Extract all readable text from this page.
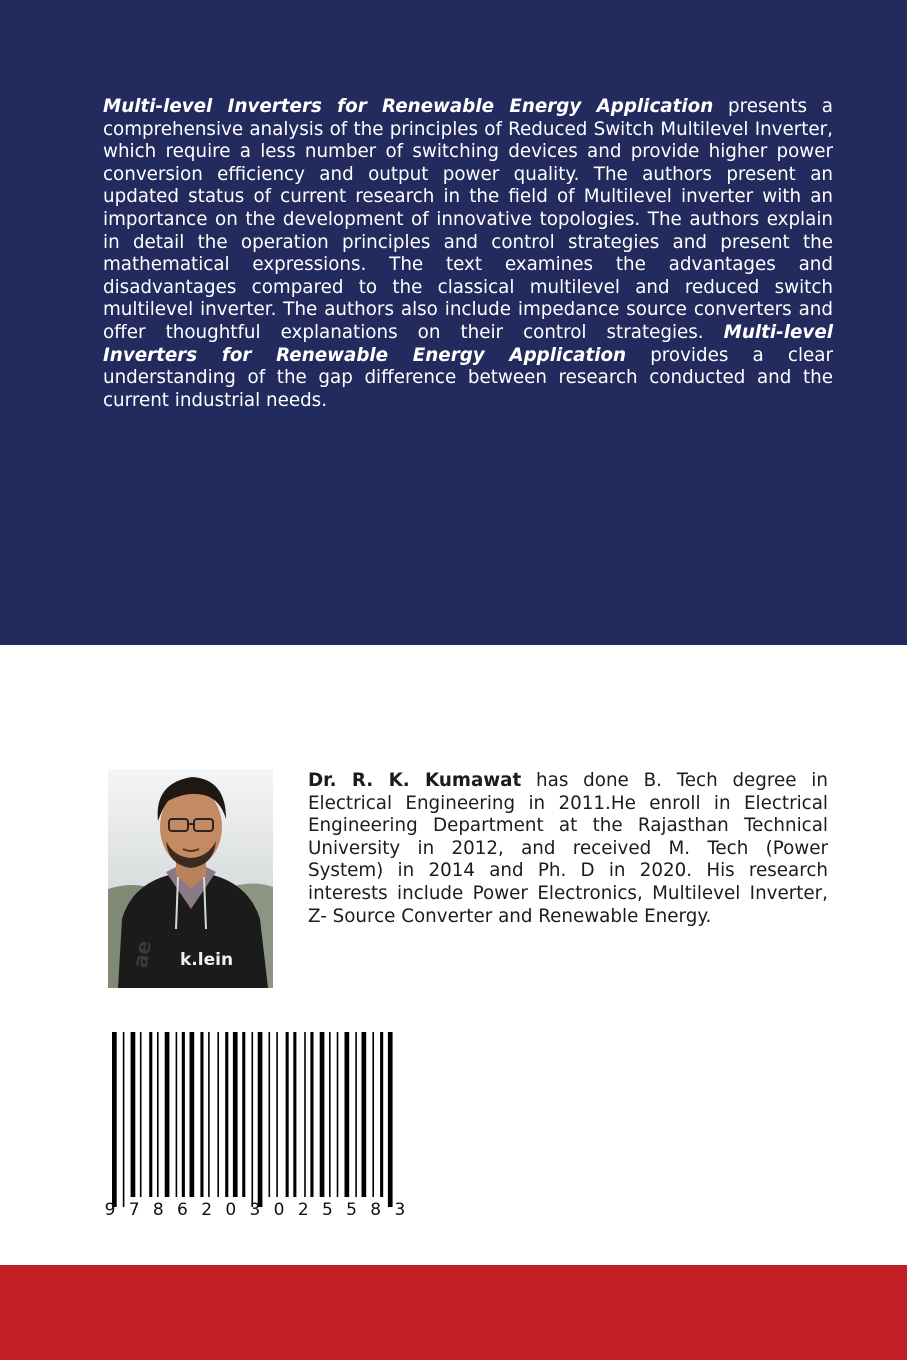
Multi-level Inverters for Renewable Energy Application presents a comprehensive analysis of the principles of Reduced Switch Multilevel Inverter, which require a less number of switching devices and provide higher power conversion efficiency and output power quality. The authors present an updated status of current research in the field of Multilevel inverter with an importance on the development of innovative topologies. The authors explain in detail the operation principles and control strategies and present the mathematical expressions. The text examines the advantages and disadvantages compared to the classical multilevel and reduced switch multilevel inverter. The authors also include impedance source converters and offer thoughtful explanations on their control strategies. Multi-level Inverters for Renewable Energy Application provides a clear understanding of the gap difference between research conducted and the current industrial needs.

k.lein
ae

Dr. R. K. Kumawat has done B. Tech degree in Electrical Engineering in 2011.He enroll in Electrical Engineering Department at the Rajasthan Technical University in 2012, and received M. Tech (Power System) in 2014 and Ph. D in 2020. His research interests include Power Electronics, Multilevel Inverter, Z- Source Converter and Renewable Energy.

9 7 8 6 2 0 3 0 2 5 5 8 3
